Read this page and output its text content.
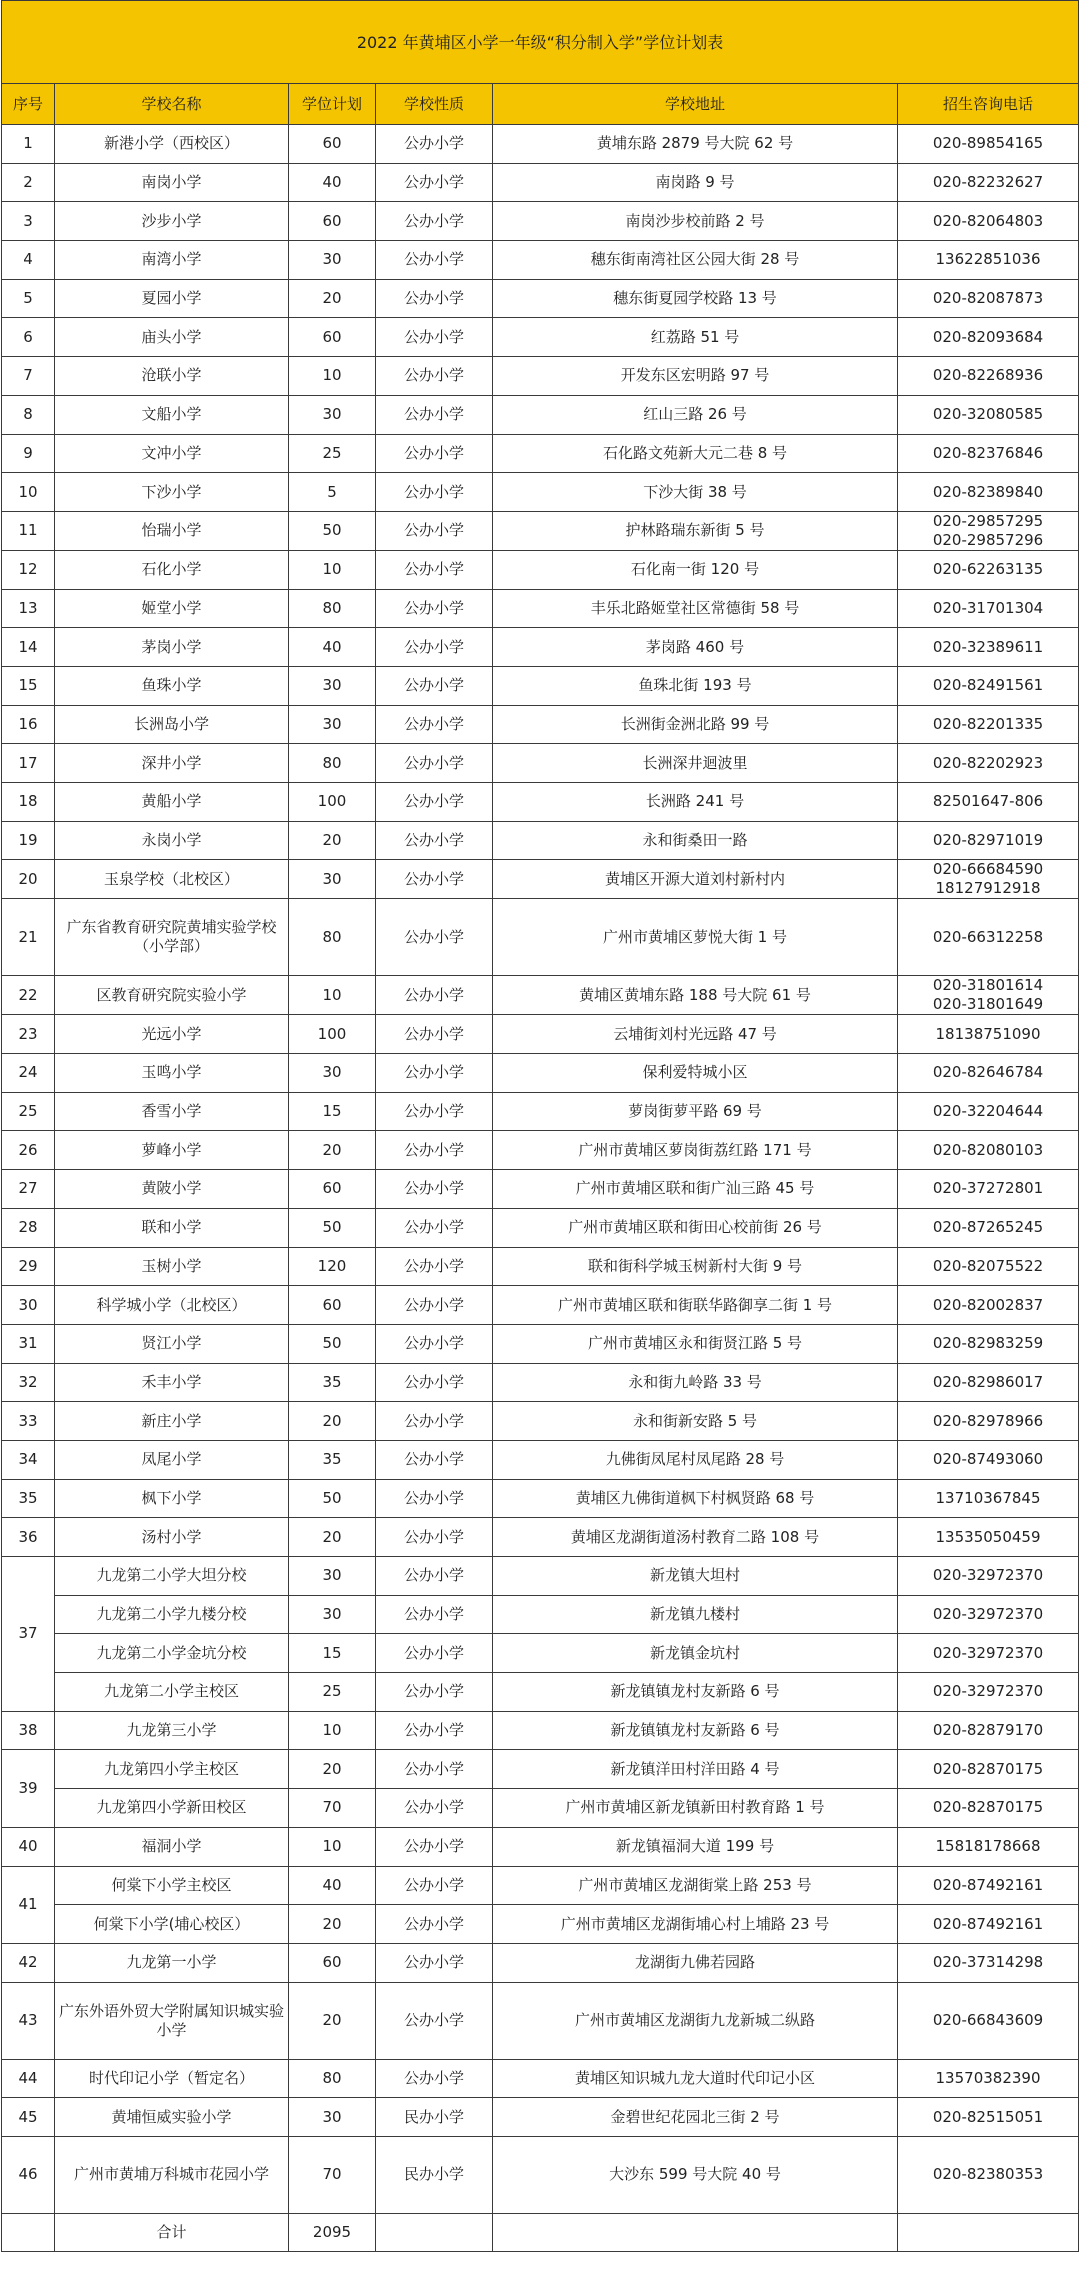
2022 年黄埔区小学一年级“积分制入学”学位计划表					
序号	学校名称	学位计划	学校性质	学校地址	招生咨询电话
1	新港小学（西校区）	60	公办小学	黄埔东路 2879 号大院 62 号	020-89854165

2	南岗小学	40	公办小学	南岗路 9 号	020-82232627

3	沙步小学	60	公办小学	南岗沙步校前路 2 号	020-82064803

4	南湾小学	30	公办小学	穗东街南湾社区公园大街 28 号	13622851036

5	夏园小学	20	公办小学	穗东街夏园学校路 13 号	020-82087873

6	庙头小学	60	公办小学	红荔路 51 号	020-82093684

7	沧联小学	10	公办小学	开发东区宏明路 97 号	020-82268936

8	文船小学	30	公办小学	红山三路 26 号	020-32080585

9	文冲小学	25	公办小学	石化路文苑新大元二巷 8 号	020-82376846

10	下沙小学	5	公办小学	下沙大街 38 号	020-82389840

11	怡瑞小学	50	公办小学	护林路瑞东新街 5 号	020-29857295
020-29857296

12	石化小学	10	公办小学	石化南一街 120 号	020-62263135

13	姬堂小学	80	公办小学	丰乐北路姬堂社区常德街 58 号	020-31701304

14	茅岗小学	40	公办小学	茅岗路 460 号	020-32389611

15	鱼珠小学	30	公办小学	鱼珠北街 193 号	020-82491561

16	长洲岛小学	30	公办小学	长洲街金洲北路 99 号	020-82201335

17	深井小学	80	公办小学	长洲深井迴波里	020-82202923

18	黄船小学	100	公办小学	长洲路 241 号	82501647-806

19	永岗小学	20	公办小学	永和街桑田一路	020-82971019

20	玉泉学校（北校区）	30	公办小学	黄埔区开源大道刘村新村内	020-66684590
18127912918

21	广东省教育研究院黄埔实验学校（小学部）	80	公办小学	广州市黄埔区萝悦大街 1 号	020-66312258

22	区教育研究院实验小学	10	公办小学	黄埔区黄埔东路 188 号大院 61 号	020-31801614
020-31801649

23	光远小学	100	公办小学	云埔街刘村光远路 47 号	18138751090

24	玉鸣小学	30	公办小学	保利爱特城小区	020-82646784

25	香雪小学	15	公办小学	萝岗街萝平路 69 号	020-32204644

26	萝峰小学	20	公办小学	广州市黄埔区萝岗街荔红路 171 号	020-82080103

27	黄陂小学	60	公办小学	广州市黄埔区联和街广汕三路 45 号	020-37272801

28	联和小学	50	公办小学	广州市黄埔区联和街田心校前街 26 号	020-87265245

29	玉树小学	120	公办小学	联和街科学城玉树新村大街 9 号	020-82075522

30	科学城小学（北校区）	60	公办小学	广州市黄埔区联和街联华路御享二街 1 号	020-82002837

31	贤江小学	50	公办小学	广州市黄埔区永和街贤江路 5 号	020-82983259

32	禾丰小学	35	公办小学	永和街九岭路 33 号	020-82986017

33	新庄小学	20	公办小学	永和街新安路 5 号	020-82978966

34	凤尾小学	35	公办小学	九佛街凤尾村凤尾路 28 号	020-87493060

35	枫下小学	50	公办小学	黄埔区九佛街道枫下村枫贤路 68 号	13710367845

36	汤村小学	20	公办小学	黄埔区龙湖街道汤村教育二路 108 号	13535050459

37	九龙第二小学大坦分校	30	公办小学	新龙镇大坦村	020-32972370

	九龙第二小学九楼分校	30	公办小学	新龙镇九楼村	020-32972370

	九龙第二小学金坑分校	15	公办小学	新龙镇金坑村	020-32972370

	九龙第二小学主校区	25	公办小学	新龙镇镇龙村友新路 6 号	020-32972370

38	九龙第三小学	10	公办小学	新龙镇镇龙村友新路 6 号	020-82879170

39	九龙第四小学主校区	20	公办小学	新龙镇洋田村洋田路 4 号	020-82870175

	九龙第四小学新田校区	70	公办小学	广州市黄埔区新龙镇新田村教育路 1 号	020-82870175

40	福洞小学	10	公办小学	新龙镇福洞大道 199 号	15818178668

41	何棠下小学主校区	40	公办小学	广州市黄埔区龙湖街棠上路 253 号	020-87492161

	何棠下小学(埔心校区）	20	公办小学	广州市黄埔区龙湖街埔心村上埔路 23 号	020-87492161

42	九龙第一小学	60	公办小学	龙湖街九佛若园路	020-37314298

43	广东外语外贸大学附属知识城实验小学	20	公办小学	广州市黄埔区龙湖街九龙新城二纵路	020-66843609

44	时代印记小学（暂定名）	80	公办小学	黄埔区知识城九龙大道时代印记小区	13570382390

45	黄埔恒威实验小学	30	民办小学	金碧世纪花园北三街 2 号	020-82515051

46	广州市黄埔万科城市花园小学	70	民办小学	大沙东 599 号大院 40 号	020-82380353

	合计	2095			
